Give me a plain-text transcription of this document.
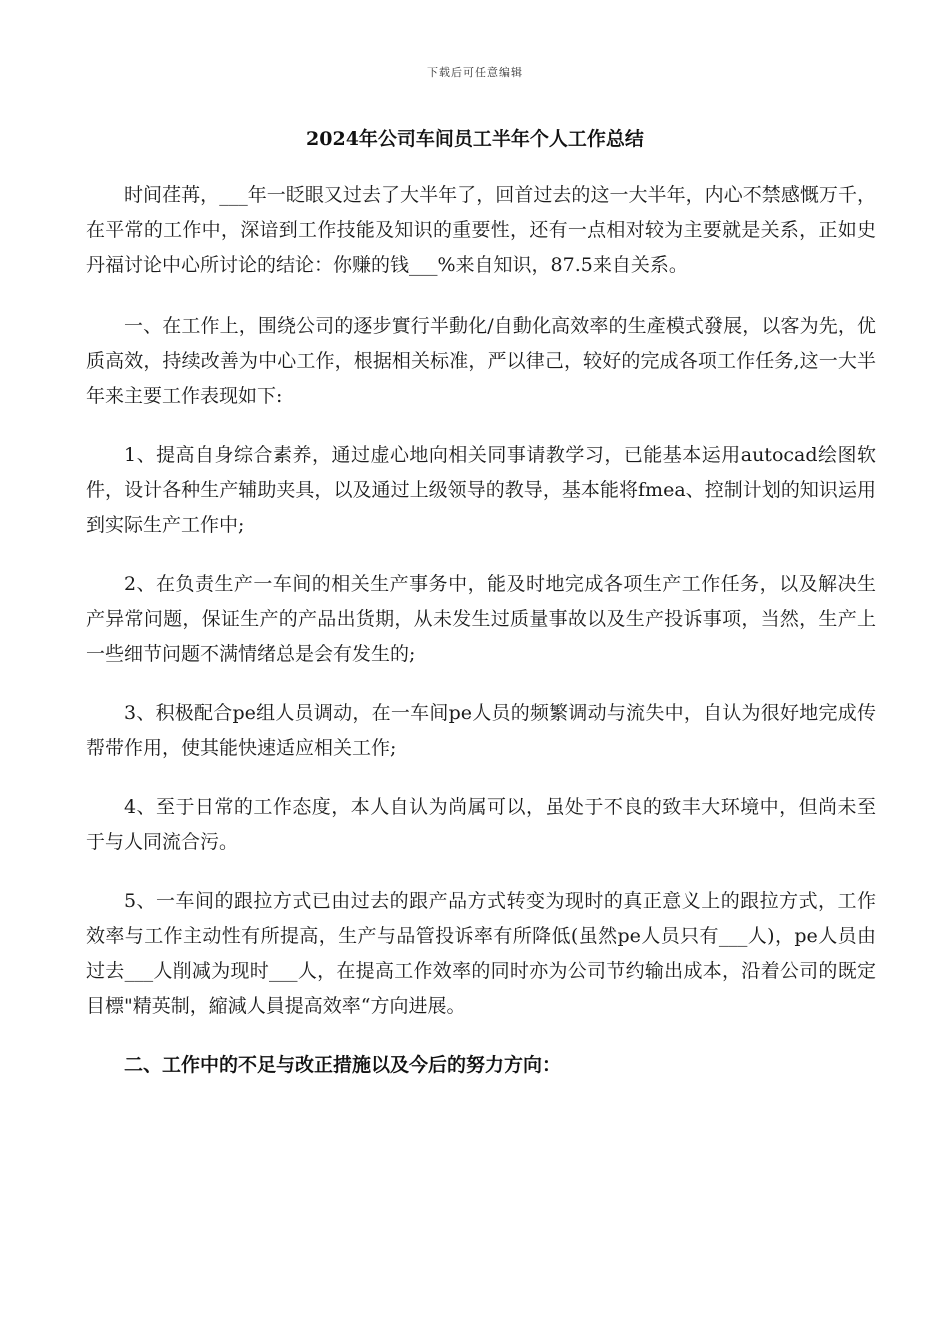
下载后可任意编辑
2024年公司车间员工半年个人工作总结

时间荏苒，___年一眨眼又过去了大半年了，回首过去的这一大半年，内心不禁感慨万千，在平常的工作中，深谙到工作技能及知识的重要性，还有一点相对较为主要就是关系，正如史丹福讨论中心所讨论的结论：你赚的钱___%来自知识，87.5来自关系。

一、在工作上，围绕公司的逐步實行半動化/自動化高效率的生產模式發展，以客为先，优质高效，持续改善为中心工作，根据相关标准，严以律己，较好的完成各项工作任务,这一大半年来主要工作表现如下:

1、提高自身综合素养，通过虚心地向相关同事请教学习，已能基本运用autocad绘图软件，设计各种生产辅助夹具，以及通过上级领导的教导，基本能将fmea、控制计划的知识运用到实际生产工作中;

2、在负责生产一车间的相关生产事务中，能及时地完成各项生产工作任务，以及解决生产异常问题，保证生产的产品出货期，从未发生过质量事故以及生产投诉事项，当然，生产上一些细节问题不满情绪总是会有发生的;

3、积极配合pe组人员调动，在一车间pe人员的频繁调动与流失中，自认为很好地完成传帮带作用，使其能快速适应相关工作;

4、至于日常的工作态度，本人自认为尚属可以，虽处于不良的致丰大环境中，但尚未至于与人同流合污。

5、一车间的跟拉方式已由过去的跟产品方式转变为现时的真正意义上的跟拉方式，工作效率与工作主动性有所提高，生产与品管投诉率有所降低(虽然pe人员只有___人)，pe人员由过去___人削减为现时___人，在提高工作效率的同时亦为公司节约输出成本，沿着公司的既定目標"精英制，縮減人員提高效率“方向进展。

二、工作中的不足与改正措施以及今后的努力方向：
